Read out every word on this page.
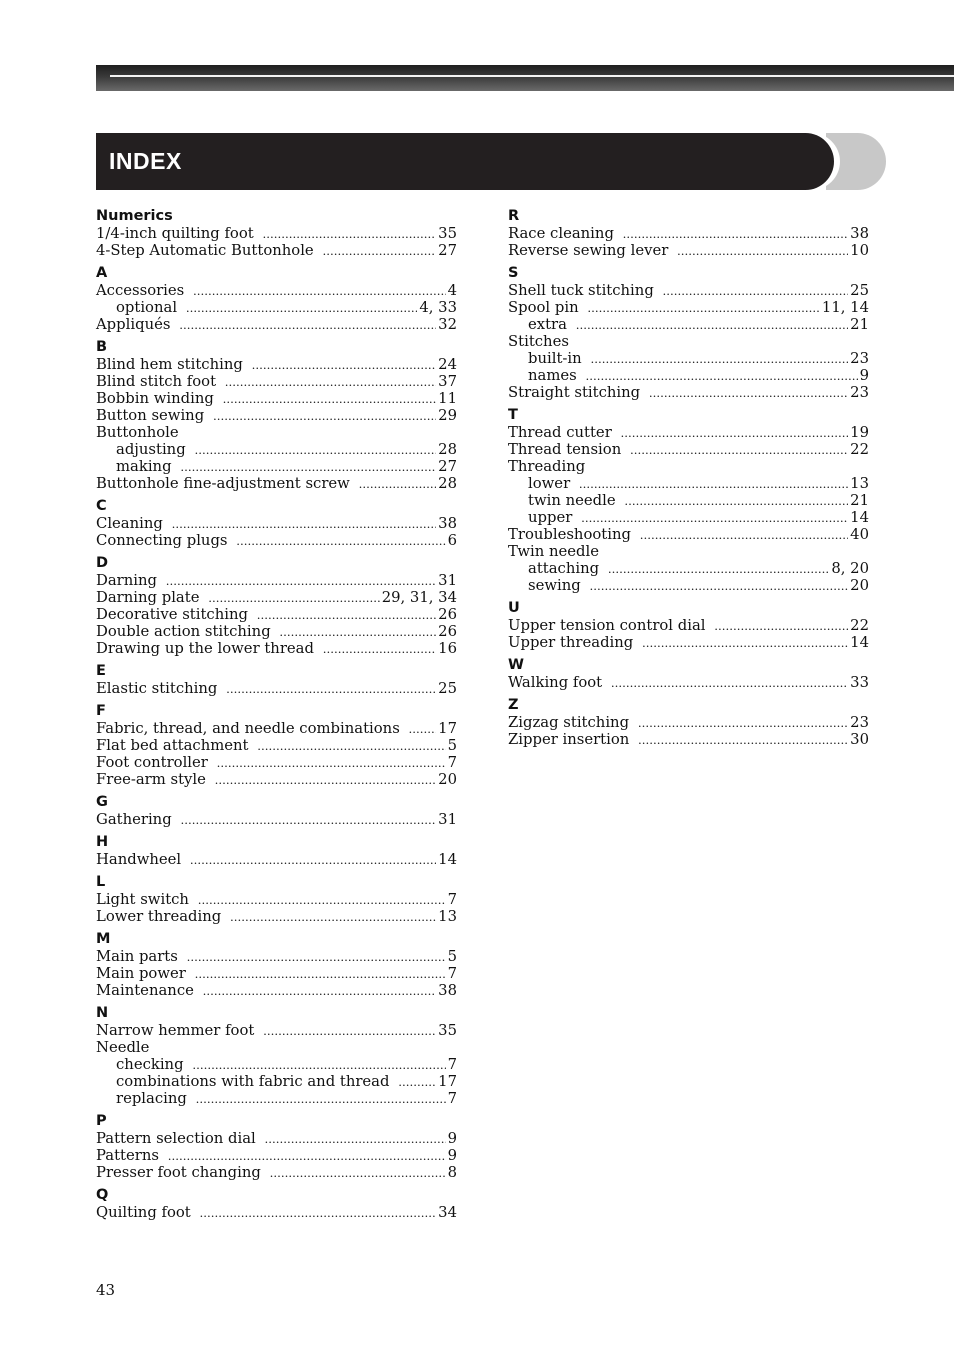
INDEX
Numerics
1/4-inch quilting foot .....	35
4-Step Automatic Buttonhole .....	27
A
Accessories .....	4
optional .....	4, 33
Appliqués .....	32
B
Blind hem stitching .....	24
Blind stitch foot .....	37
Bobbin winding .....	11
Button sewing .....	29
Buttonhole
adjusting .....	28
making .....	27
Buttonhole fine-adjustment screw .....	28
C
Cleaning .....	38
Connecting plugs .....	6
D
Darning .....	31
Darning plate .....	29, 31, 34
Decorative stitching .....	26
Double action stitching .....	26
Drawing up the lower thread .....	16
E
Elastic stitching .....	25
F
Fabric, thread, and needle combinations .....	17
Flat bed attachment .....	5
Foot controller .....	7
Free-arm style .....	20
G
Gathering .....	31
H
Handwheel .....	14
L
Light switch .....	7
Lower threading .....	13
M
Main parts .....	5
Main power .....	7
Maintenance .....	38
N
Narrow hemmer foot .....	35
Needle
checking .....	7
combinations with fabric and thread .....	17
replacing .....	7
P
Pattern selection dial .....	9
Patterns .....	9
Presser foot changing .....	8
Q
Quilting foot .....	34
R
Race cleaning .....	38
Reverse sewing lever .....	10
S
Shell tuck stitching .....	25
Spool pin .....	11, 14
extra .....	21
Stitches
built-in .....	23
names .....	9
Straight stitching .....	23
T
Thread cutter .....	19
Thread tension .....	22
Threading
lower .....	13
twin needle .....	21
upper .....	14
Troubleshooting .....	40
Twin needle
attaching .....	8, 20
sewing .....	20
U
Upper tension control dial .....	22
Upper threading .....	14
W
Walking foot .....	33
Z
Zigzag stitching .....	23
Zipper insertion .....	30
43
